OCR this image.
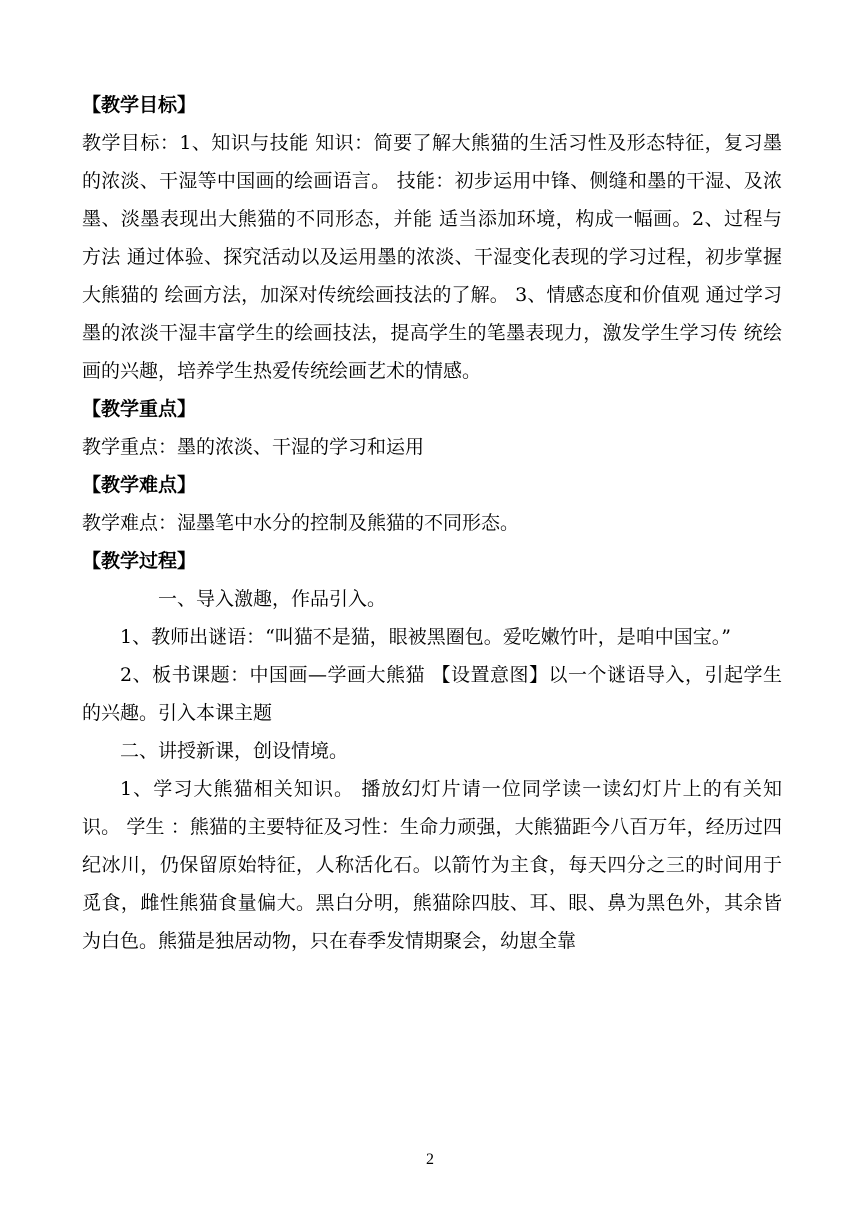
【教学目标】

教学目标：1、知识与技能 知识：简要了解大熊猫的生活习性及形态特征，复习墨的浓淡、干湿等中国画的绘画语言。 技能：初步运用中锋、侧缝和墨的干湿、及浓墨、淡墨表现出大熊猫的不同形态，并能 适当添加环境，构成一幅画。2、过程与方法 通过体验、探究活动以及运用墨的浓淡、干湿变化表现的学习过程，初步掌握大熊猫的 绘画方法，加深对传统绘画技法的了解。 3、情感态度和价值观 通过学习墨的浓淡干湿丰富学生的绘画技法，提高学生的笔墨表现力，激发学生学习传 统绘画的兴趣，培养学生热爱传统绘画艺术的情感。

【教学重点】

教学重点：墨的浓淡、干湿的学习和运用

【教学难点】

教学难点：湿墨笔中水分的控制及熊猫的不同形态。

【教学过程】

一、导入激趣，作品引入。

1、教师出谜语：“叫猫不是猫，眼被黑圈包。爱吃嫩竹叶，是咱中国宝。”

2、板书课题：中国画—学画大熊猫 【设置意图】以一个谜语导入，引起学生的兴趣。引入本课主题

二、讲授新课，创设情境。

1、学习大熊猫相关知识。 播放幻灯片请一位同学读一读幻灯片上的有关知识。 学生 ：熊猫的主要特征及习性：生命力顽强，大熊猫距今八百万年，经历过四纪冰川，仍保留原始特征，人称活化石。以箭竹为主食，每天四分之三的时间用于觅食，雌性熊猫食量偏大。黑白分明，熊猫除四肢、耳、眼、鼻为黑色外，其余皆为白色。熊猫是独居动物，只在春季发情期聚会，幼崽全靠

2
